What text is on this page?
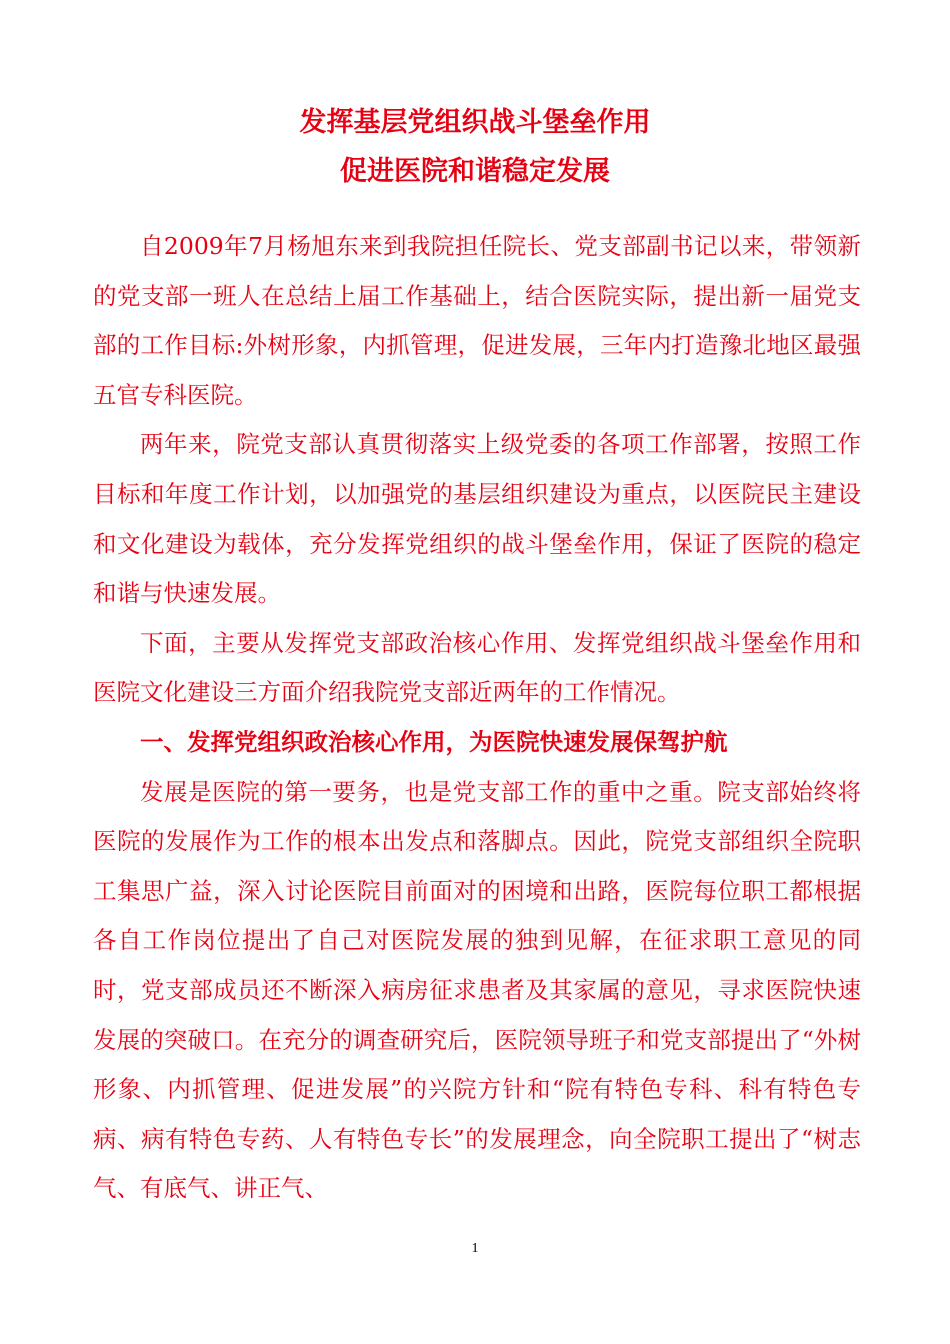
发挥基层党组织战斗堡垒作用
促进医院和谐稳定发展

自2009年7月杨旭东来到我院担任院长、党支部副书记以来，带领新的党支部一班人在总结上届工作基础上，结合医院实际，提出新一届党支部的工作目标:外树形象，内抓管理，促进发展，三年内打造豫北地区最强五官专科医院。

两年来，院党支部认真贯彻落实上级党委的各项工作部署，按照工作目标和年度工作计划，以加强党的基层组织建设为重点，以医院民主建设和文化建设为载体，充分发挥党组织的战斗堡垒作用，保证了医院的稳定和谐与快速发展。

下面，主要从发挥党支部政治核心作用、发挥党组织战斗堡垒作用和医院文化建设三方面介绍我院党支部近两年的工作情况。

一、发挥党组织政治核心作用，为医院快速发展保驾护航

发展是医院的第一要务，也是党支部工作的重中之重。院支部始终将医院的发展作为工作的根本出发点和落脚点。因此，院党支部组织全院职工集思广益，深入讨论医院目前面对的困境和出路，医院每位职工都根据各自工作岗位提出了自己对医院发展的独到见解，在征求职工意见的同时，党支部成员还不断深入病房征求患者及其家属的意见，寻求医院快速发展的突破口。在充分的调查研究后，医院领导班子和党支部提出了“外树形象、内抓管理、促进发展”的兴院方针和“院有特色专科、科有特色专病、病有特色专药、人有特色专长”的发展理念，向全院职工提出了“树志气、有底气、讲正气、

1
